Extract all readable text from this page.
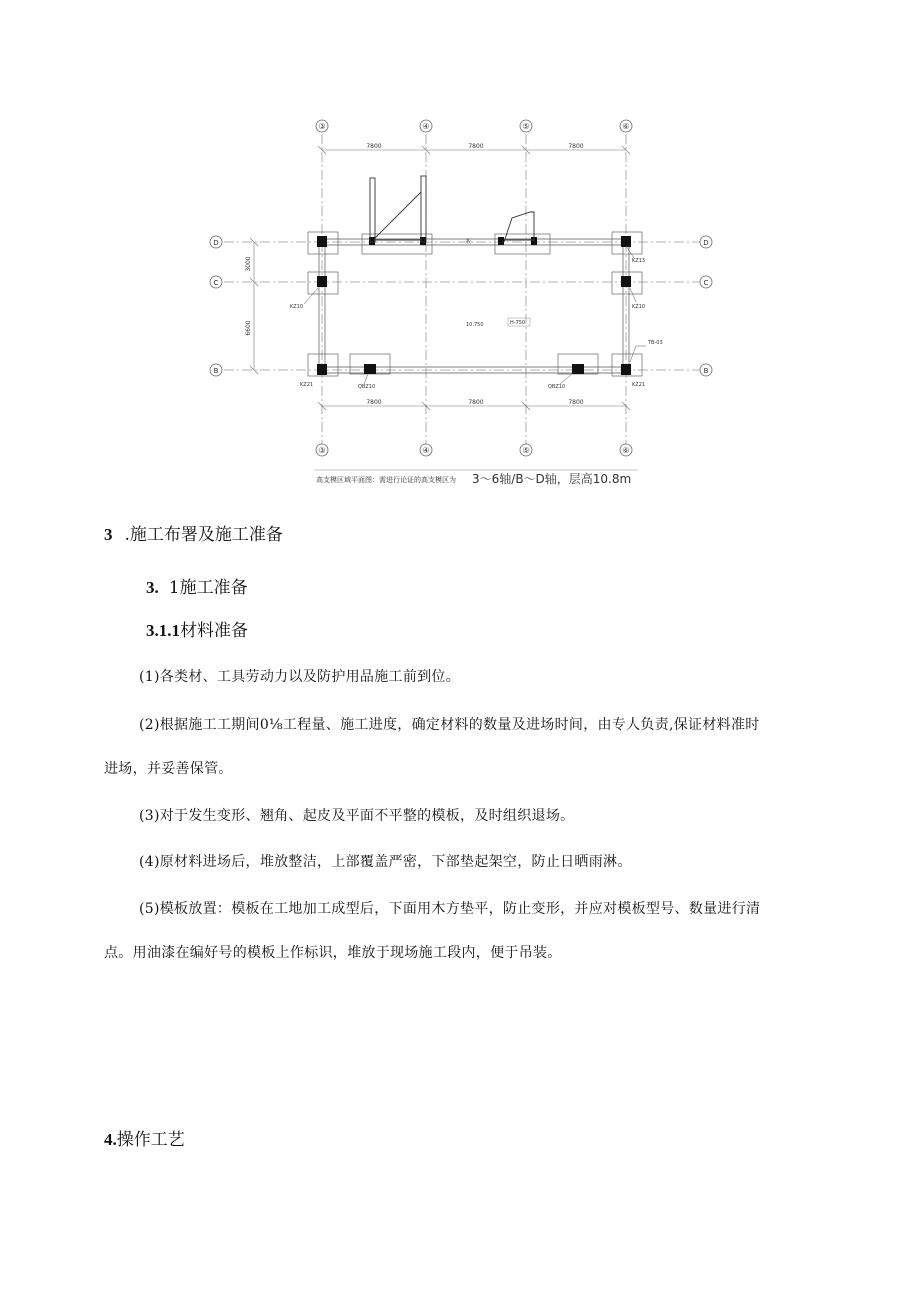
7800	7800	7800
7800	7800	7800
3000
6600
③	④	⑤	⑥
③	④	⑤	⑥
D
C
B
D
C
B
板
KZ13
KZ10	KZ10
KZ21	KZ21
QBZ10	QBZ10
TB-03
10.750	H-750
高支模区域平面图：需进行论证的高支模区为 3～6轴/B～D轴，层高10.8m
3 .施工布署及施工准备
3. 1施工准备
3.1.1材料准备
(1)各类材、工具劳动力以及防护用品施工前到位。
(2)根据施工工期间0⅛工程量、施工进度，确定材料的数量及进场时间，由专人负责,保证材料准时
进场，并妥善保管。
(3)对于发生变形、翘角、起皮及平面不平整的模板，及时组织退场。
(4)原材料进场后，堆放整洁，上部覆盖严密，下部垫起架空，防止日晒雨淋。
(5)模板放置：模板在工地加工成型后，下面用木方垫平，防止变形，并应对模板型号、数量进行清
点。用油漆在编好号的模板上作标识，堆放于现场施工段内，便于吊装。
4.操作工艺
